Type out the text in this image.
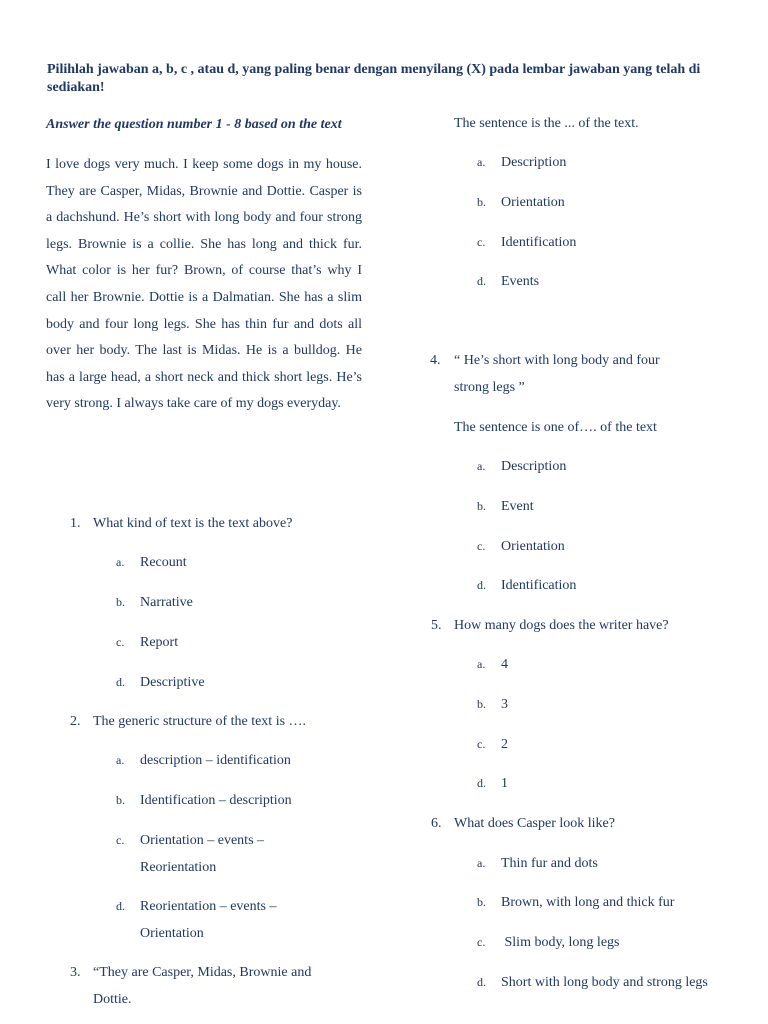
Pilihlah jawaban a, b, c , atau d, yang paling benar dengan menyilang (X) pada lembar jawaban yang telah di sediakan!
Answer the question number 1 - 8 based on the text
I love dogs very much. I keep some dogs in my house. They are Casper, Midas, Brownie and Dottie. Casper is a dachshund. He’s short with long body and four strong legs. Brownie is a collie. She has long and thick fur. What color is her fur? Brown, of course that’s why I call her Brownie. Dottie is a Dalmatian. She has a slim body and four long legs. She has thin fur and dots all over her body. The last is Midas. He is a bulldog. He has a large head, a short neck and thick short legs. He’s very strong. I always take care of my dogs everyday.
1. What kind of text is the text above?
a. Recount
b. Narrative
c. Report
d. Descriptive
2. The generic structure of the text is ….
a. description – identification
b. Identification – description
c. Orientation – events – Reorientation
d. Reorientation – events – Orientation
3. “They are Casper, Midas, Brownie and Dottie.
The sentence is the ... of the text.
a. Description
b. Orientation
c. Identification
d. Events
4. “ He’s short with long body and four strong legs ”
The sentence is one of…. of the text
a. Description
b. Event
c. Orientation
d. Identification
5. How many dogs does the writer have?
a. 4
b. 3
c. 2
d. 1
6. What does Casper look like?
a. Thin fur and dots
b. Brown, with long and thick fur
c. Slim body, long legs
d. Short with long body and strong legs
